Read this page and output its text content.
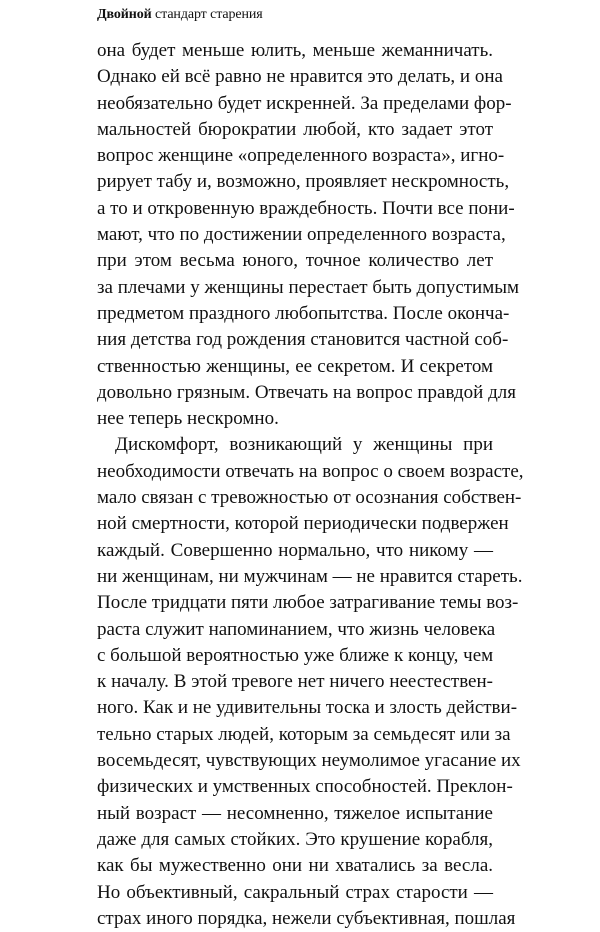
Двойной стандарт старения
она будет меньше юлить, меньше жеманничать.
Однако ей всё равно не нравится это делать, и она
необязательно будет искренней. За пределами фор-
мальностей бюрократии любой, кто задает этот
вопрос женщине «определенного возраста», игно-
рирует табу и, возможно, проявляет нескромность,
а то и откровенную враждебность. Почти все пони-
мают, что по достижении определенного возраста,
при этом весьма юного, точное количество лет
за плечами у женщины перестает быть допустимым
предметом праздного любопытства. После оконча-
ния детства год рождения становится частной соб-
ственностью женщины, ее секретом. И секретом
довольно грязным. Отвечать на вопрос правдой для
нее теперь нескромно.
Дискомфорт, возникающий у женщины при
необходимости отвечать на вопрос о своем возрасте,
мало связан с тревожностью от осознания собствен-
ной смертности, которой периодически подвержен
каждый. Совершенно нормально, что никому —
ни женщинам, ни мужчинам — не нравится стареть.
После тридцати пяти любое затрагивание темы воз-
раста служит напоминанием, что жизнь человека
с большой вероятностью уже ближе к концу, чем
к началу. В этой тревоге нет ничего неестествен-
ного. Как и не удивительны тоска и злость действи-
тельно старых людей, которым за семьдесят или за
восемьдесят, чувствующих неумолимое угасание их
физических и умственных способностей. Преклон-
ный возраст — несомненно, тяжелое испытание
даже для самых стойких. Это крушение корабля,
как бы мужественно они ни хватались за весла.
Но объективный, сакральный страх старости —
страх иного порядка, нежели субъективная, пошлая
